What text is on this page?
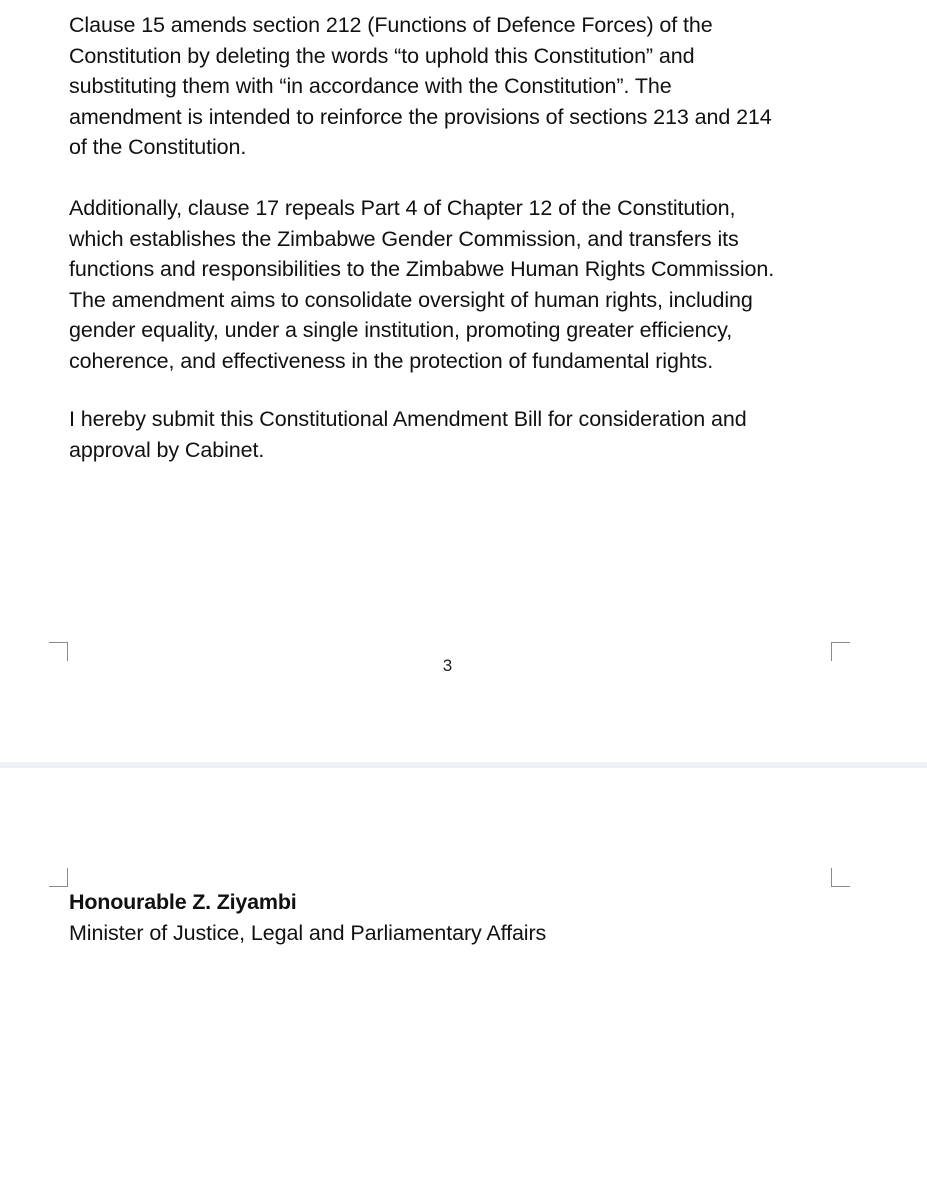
Clause 15 amends section 212 (Functions of Defence Forces) of the
Constitution by deleting the words “to uphold this Constitution” and
substituting them with “in accordance with the Constitution”. The
amendment is intended to reinforce the provisions of sections 213 and 214
of the Constitution.

Additionally, clause 17 repeals Part 4 of Chapter 12 of the Constitution,
which establishes the Zimbabwe Gender Commission, and transfers its
functions and responsibilities to the Zimbabwe Human Rights Commission.
The amendment aims to consolidate oversight of human rights, including
gender equality, under a single institution, promoting greater efficiency,
coherence, and effectiveness in the protection of fundamental rights.

I hereby submit this Constitutional Amendment Bill for consideration and
approval by Cabinet.

3
Honourable Z. Ziyambi
Minister of Justice, Legal and Parliamentary Affairs
